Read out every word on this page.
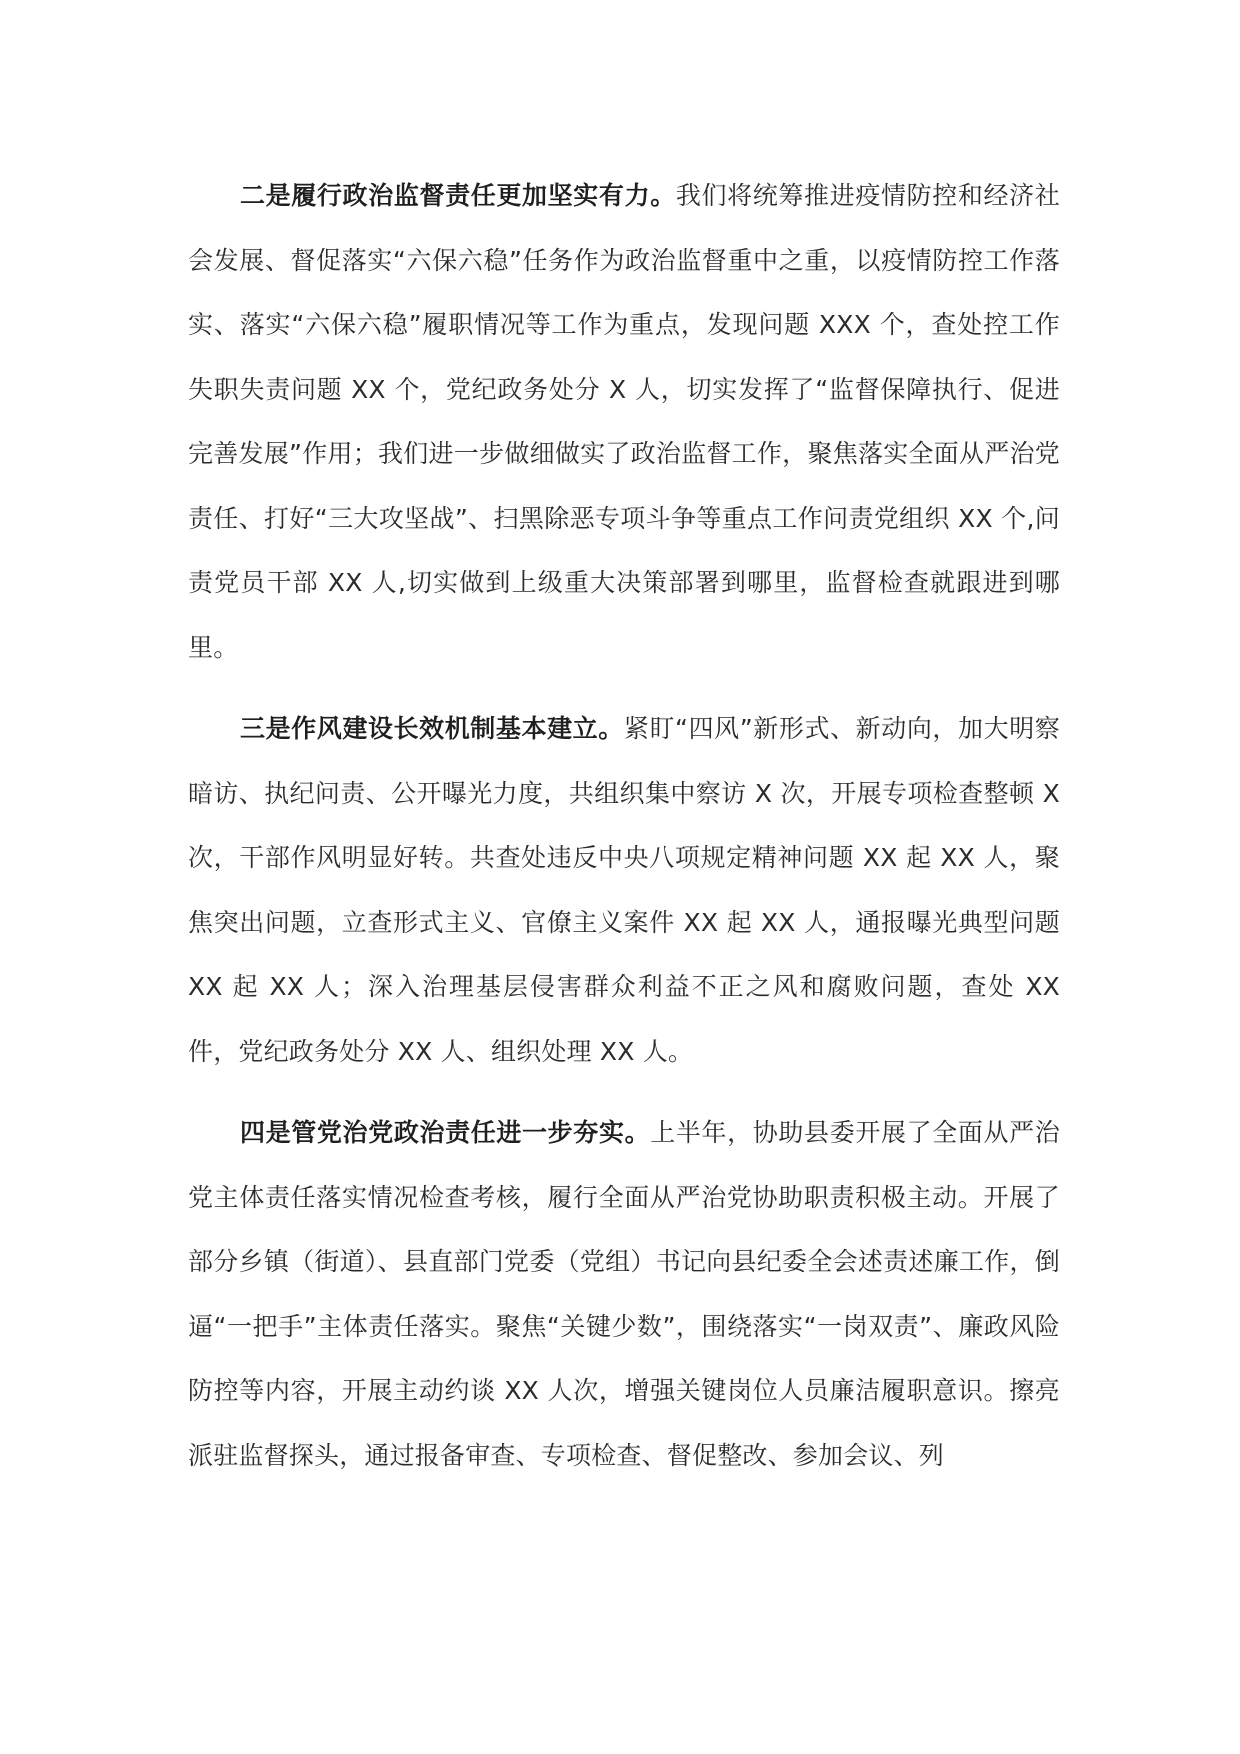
二是履行政治监督责任更加坚实有力。我们将统筹推进疫情防控和经济社会发展、督促落实“六保六稳”任务作为政治监督重中之重，以疫情防控工作落实、落实“六保六稳”履职情况等工作为重点，发现问题 XXX 个，查处控工作失职失责问题 XX 个，党纪政务处分 X 人，切实发挥了“监督保障执行、促进完善发展”作用；我们进一步做细做实了政治监督工作，聚焦落实全面从严治党责任、打好“三大攻坚战”、扫黑除恶专项斗争等重点工作问责党组织 XX 个,问责党员干部 XX 人,切实做到上级重大决策部署到哪里，监督检查就跟进到哪里。

三是作风建设长效机制基本建立。紧盯“四风”新形式、新动向，加大明察暗访、执纪问责、公开曝光力度，共组织集中察访 X 次，开展专项检查整顿 X 次，干部作风明显好转。共查处违反中央八项规定精神问题 XX 起 XX 人，聚焦突出问题，立查形式主义、官僚主义案件 XX 起 XX 人，通报曝光典型问题 XX 起 XX 人；深入治理基层侵害群众利益不正之风和腐败问题，查处 XX 件，党纪政务处分 XX 人、组织处理 XX 人。

四是管党治党政治责任进一步夯实。上半年，协助县委开展了全面从严治党主体责任落实情况检查考核，履行全面从严治党协助职责积极主动。开展了部分乡镇（街道）、县直部门党委（党组）书记向县纪委全会述责述廉工作，倒逼“一把手”主体责任落实。聚焦“关键少数”，围绕落实“一岗双责”、廉政风险防控等内容，开展主动约谈 XX 人次，增强关键岗位人员廉洁履职意识。擦亮派驻监督探头，通过报备审查、专项检查、督促整改、参加会议、列
